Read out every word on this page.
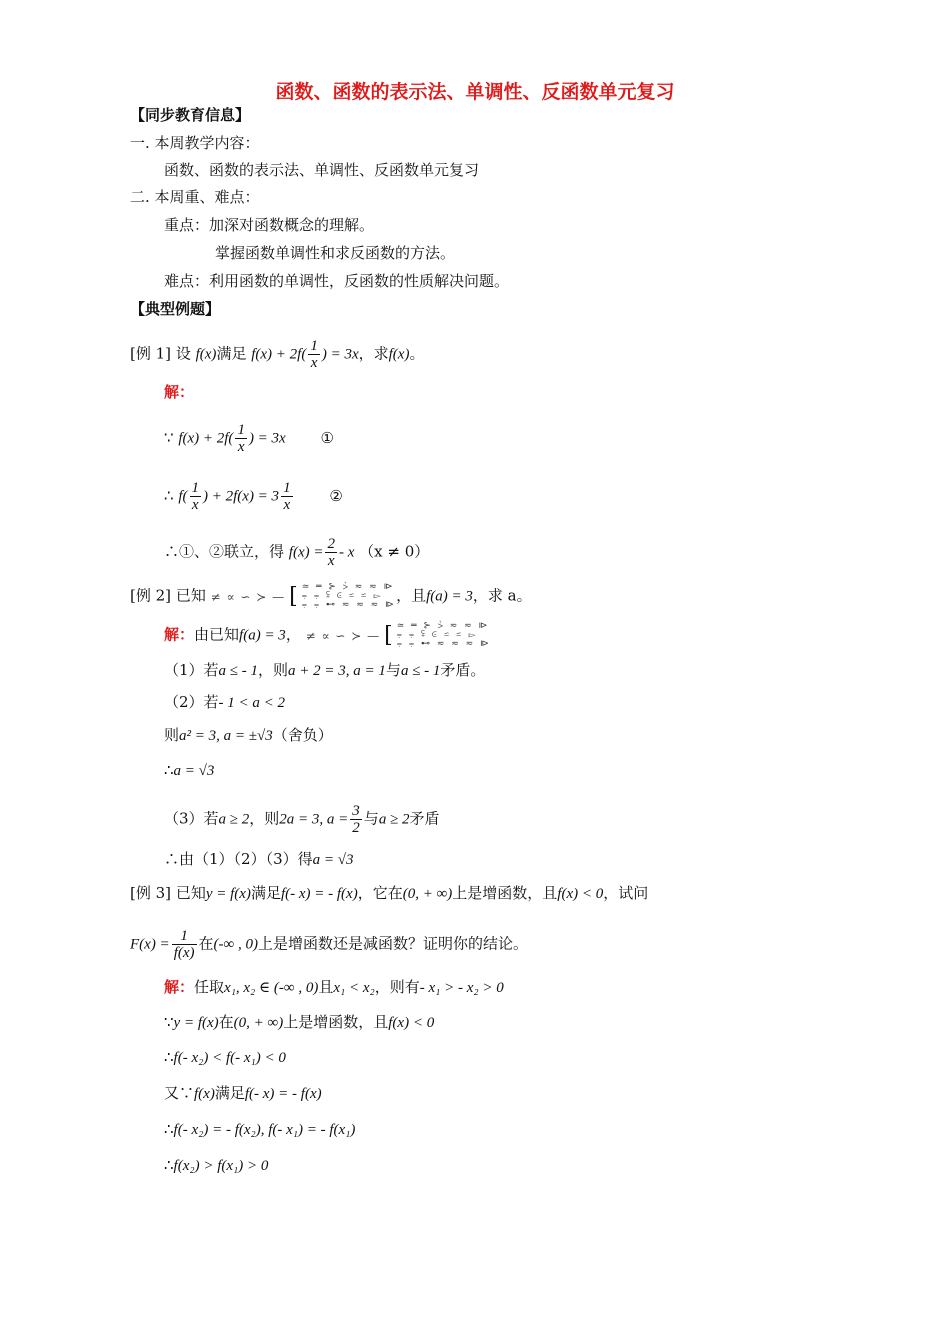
函数、函数的表示法、单调性、反函数单元复习
【同步教育信息】
一. 本周教学内容：
函数、函数的表示法、单调性、反函数单元复习
二. 本周重、难点：
重点：加深对函数概念的理解。
掌握函数单调性和求反函数的方法。
难点：利用函数的单调性，反函数的性质解决问题。
【典型例题】
[例 1] 设 f(x)满足 $f(x) + 2f( \frac{1}{x}$ ) = 3x，求f(x)。
解：
∵ $f(x) + 2f( \frac{1}{x}$ ) = 3x ①
∴ $f( \frac{1}{x}$ ) + $2f(x) = 3 \frac{1}{x}$ ②
∴①、②联立，得 $f(x) = \frac{2}{x} - x$ （x ≠ 0）
[例 2] 已知 ≠ ∝ ∽ ≻ — [ ≃ ═ ⊱ ⩼ ≂ ≂ ⧐
⩦ ⩦ ⪿ ⪽ ⋍ ⋍ ⧐
⩦ ⩦ ⊷ ≂ ≂ ≂ ⧐，且f(a) = 3，求 a。
解：由已知f(a) = 3， ≠ ∝ ∽ ≻ — [ ≃ ═ ⊱ ⩼ ≂ ≂ ⧐
⩦ ⩦ ⪿ ⪽ ⋍ ⋍ ⧐
⩦ ⩦ ⊷ ≂ ≂ ≂ ⧐
（1）若a ≤ - 1，则a + 2 = 3, a = 1与a ≤ - 1矛盾。
（2）若- 1 < a < 2
则a² = 3, a = ±√3（舍负）
∴a = √3
（3）若a ≥ 2，则2a = 3, $a = \frac{3}{2}$ 与a ≥ 2矛盾
∴由（1）（2）（3）得a = √3
[例 3] 已知y = f(x)满足f(- x) = - f(x)，它在(0, + ∞)上是增函数，且f(x) < 0，试问
$F(x) = \frac{1}{f(x)}$ 在(-∞ , 0)上是增函数还是减函数？证明你的结论。
解：任取x₁, x₂ ∈ (-∞ , 0)且x₁ < x₂，则有- x₁ > - x₂ > 0
∵y = f(x)在(0, + ∞)上是增函数，且f(x) < 0
∴f(- x₂) < f(- x₁) < 0
又∵f(x)满足f(- x) = - f(x)
∴f(- x₂) = - f(x₂), f(- x₁) = - f(x₁)
∴f(x₂) > f(x₁) > 0
